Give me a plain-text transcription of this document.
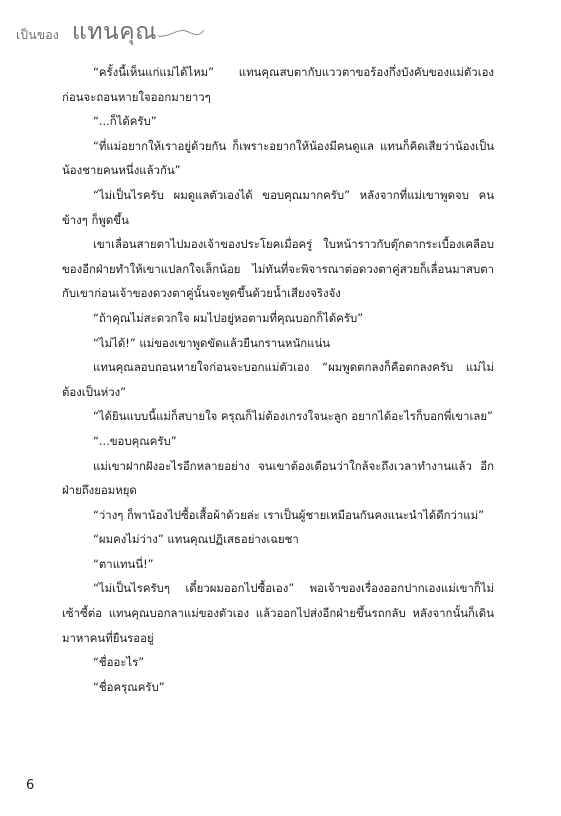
เป็นของ แทนคุณ

“ครั้งนี้เห็นแก่แม่ได้ไหม” แทนคุณสบตากับแววตาขอร้องกึ่งบังคับของแม่ตัวเอง ก่อนจะถอนหายใจออกมายาวๆ

“...ก็ได้ครับ”

“ที่แม่อยากให้เราอยู่ด้วยกัน ก็เพราะอยากให้น้องมีคนดูแล แทนก็คิดเสียว่าน้องเป็นน้องชายคนหนึ่งแล้วกัน”

“ไม่เป็นไรครับ ผมดูแลตัวเองได้ ขอบคุณมากครับ” หลังจากที่แม่เขาพูดจบ คนข้างๆ ก็พูดขึ้น

เขาเลื่อนสายตาไปมองเจ้าของประโยคเมื่อครู่ ใบหน้าราวกับตุ๊กตากระเบื้องเคลือบของอีกฝ่ายทำให้เขาแปลกใจเล็กน้อย ไม่ทันที่จะพิจารณาต่อดวงตาคู่สวยก็เลื่อนมาสบตากับเขาก่อนเจ้าของดวงตาคู่นั้นจะพูดขึ้นด้วยน้ำเสียงจริงจัง

“ถ้าคุณไม่สะดวกใจ ผมไปอยู่หอตามที่คุณบอกก็ได้ครับ”

“ไม่ได้!” แม่ของเขาพูดขัดแล้วยืนกรานหนักแน่น

แทนคุณลอบถอนหายใจก่อนจะบอกแม่ตัวเอง “ผมพูดตกลงก็คือตกลงครับ แม่ไม่ต้องเป็นห่วง”

“ได้ยินแบบนี้แม่ก็สบายใจ ครุณก็ไม่ต้องเกรงใจนะลูก อยากได้อะไรก็บอกพี่เขาเลย”

“...ขอบคุณครับ”

แม่เขาฝากฝังอะไรอีกหลายอย่าง จนเขาต้องเตือนว่าใกล้จะถึงเวลาทำงานแล้ว อีกฝ่ายถึงยอมหยุด

“ว่างๆ ก็พาน้องไปซื้อเสื้อผ้าด้วยล่ะ เราเป็นผู้ชายเหมือนกันคงแนะนำได้ดีกว่าแม่”

“ผมคงไม่ว่าง” แทนคุณปฏิเสธอย่างเฉยชา

“ตาแทนนี่!”

“ไม่เป็นไรครับๆ เดี๋ยวผมออกไปซื้อเอง” พอเจ้าของเรื่องออกปากเองแม่เขาก็ไม่เซ้าซี้ต่อ แทนคุณบอกลาแม่ของตัวเอง แล้วออกไปส่งอีกฝ่ายขึ้นรถกลับ หลังจากนั้นก็เดินมาหาคนที่ยืนรออยู่

“ชื่ออะไร”

“ชื่อครุณครับ”

6
